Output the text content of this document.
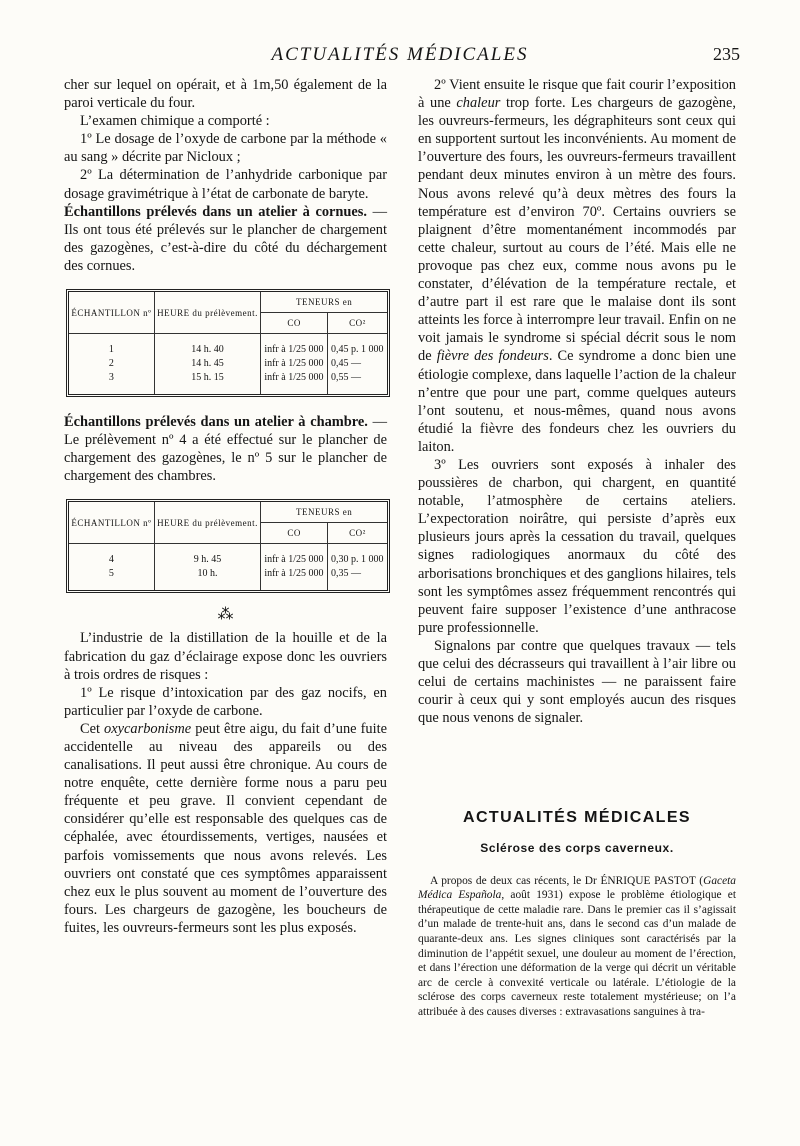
ACTUALITÉS MÉDICALES	235

cher sur lequel on opérait, et à 1m,50 également de la paroi verticale du four.

L’examen chimique a comporté :

1º Le dosage de l’oxyde de carbone par la méthode « au sang » décrite par Nicloux ;

2º La détermination de l’anhydride carbonique par dosage gravimétrique à l’état de carbonate de baryte.

Échantillons prélevés dans un atelier à cornues. — Ils ont tous été prélevés sur le plancher de chargement des gazogènes, c’est-à-dire du côté du déchargement des cornues.

ÉCHANTILLON nº	HEURE du prélèvement.	TENEURS en	
		CO	CO²
1	14 h. 40	infr à 1/25 000	0,45 p. 1 000
2	14 h. 45	infr à 1/25 000	0,45 —
3	15 h. 15	infr à 1/25 000	0,55 —

Échantillons prélevés dans un atelier à chambre. — Le prélèvement nº 4 a été effectué sur le plancher de chargement des gazogènes, le nº 5 sur le plancher de chargement des chambres.

ÉCHANTILLON nº	HEURE du prélèvement.	TENEURS en	
		CO	CO²
4	9 h. 45	infr à 1/25 000	0,30 p. 1 000
5	10 h.	infr à 1/25 000	0,35 —
⁂

L’industrie de la distillation de la houille et de la fabrication du gaz d’éclairage expose donc les ouvriers à trois ordres de risques :

1º Le risque d’intoxication par des gaz nocifs, en particulier par l’oxyde de carbone.

Cet oxycarbonisme peut être aigu, du fait d’une fuite accidentelle au niveau des appareils ou des canalisations. Il peut aussi être chronique. Au cours de notre enquête, cette dernière forme nous a paru peu fréquente et peu grave. Il convient cependant de considérer qu’elle est responsable des quelques cas de céphalée, avec étourdissements, vertiges, nausées et parfois vomissements que nous avons relevés. Les ouvriers ont constaté que ces symptômes apparaissent chez eux le plus souvent au moment de l’ouverture des fours. Les chargeurs de gazogène, les boucheurs de fuites, les ouvreurs-fermeurs sont les plus exposés.

2º Vient ensuite le risque que fait courir l’exposition à une chaleur trop forte. Les chargeurs de gazogène, les ouvreurs-fermeurs, les dégraphiteurs sont ceux qui en supportent surtout les inconvénients. Au moment de l’ouverture des fours, les ouvreurs-fermeurs travaillent pendant deux minutes environ à un mètre des fours. Nous avons relevé qu’à deux mètres des fours la température est d’environ 70º. Certains ouvriers se plaignent d’être momentanément incommodés par cette chaleur, surtout au cours de l’été. Mais elle ne provoque pas chez eux, comme nous avons pu le constater, d’élévation de la température rectale, et d’autre part il est rare que le malaise dont ils sont atteints les force à interrompre leur travail. Enfin on ne voit jamais le syndrome si spécial décrit sous le nom de fièvre des fondeurs. Ce syndrome a donc bien une étiologie complexe, dans laquelle l’action de la chaleur n’entre que pour une part, comme quelques auteurs l’ont soutenu, et nous-mêmes, quand nous avons étudié la fièvre des fondeurs chez les ouvriers du laiton.

3º Les ouvriers sont exposés à inhaler des poussières de charbon, qui chargent, en quantité notable, l’atmosphère de certains ateliers. L’expectoration noirâtre, qui persiste d’après eux plusieurs jours après la cessation du travail, quelques signes radiologiques anormaux du côté des arborisations bronchiques et des ganglions hilaires, tels sont les symptômes assez fréquemment rencontrés qui peuvent faire supposer l’existence d’une anthracose pure professionnelle.

Signalons par contre que quelques travaux — tels que celui des décrasseurs qui travaillent à l’air libre ou celui de certains machinistes — ne paraissent faire courir à ceux qui y sont employés aucun des risques que nous venons de signaler.

ACTUALITÉS MÉDICALES
Sclérose des corps caverneux.

A propos de deux cas récents, le Dr ÉNRIQUE PASTOT (Gaceta Médica Española, août 1931) expose le problème étiologique et thérapeutique de cette maladie rare. Dans le premier cas il s’agissait d’un malade de trente-huit ans, dans le second cas d’un malade de quarante-deux ans. Les signes cliniques sont caractérisés par la diminution de l’appétit sexuel, une douleur au moment de l’érection, et dans l’érection une déformation de la verge qui décrit un véritable arc de cercle à convexité verticale ou latérale. L’étiologie de la sclérose des corps caverneux reste totalement mystérieuse; on l’a attribuée à des causes diverses : extravasations sanguines à tra-
